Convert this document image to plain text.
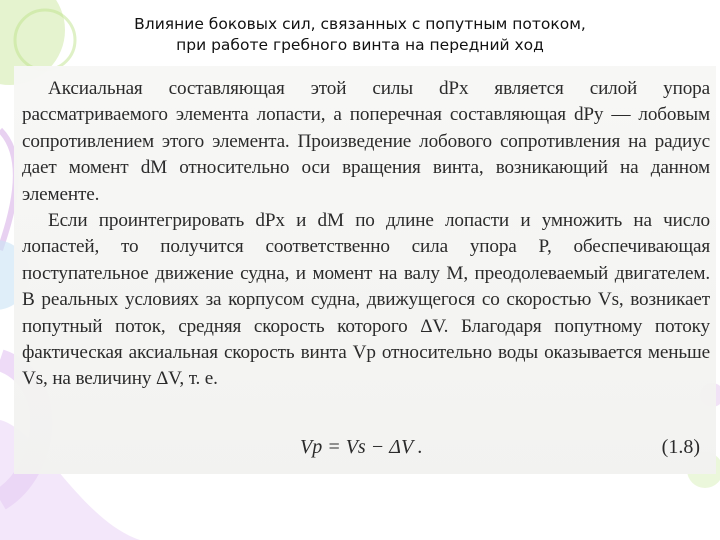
Влияние боковых сил, связанных с попутным потоком,
при работе гребного винта на передний ход

Аксиальная составляющая этой силы dPx является силой упора рассматриваемого элемента лопасти, а поперечная составляющая dPy — лобовым сопротивлением этого элемента. Произведение лобового сопротивления на радиус дает момент dM относительно оси вращения винта, возникающий на данном элементе.

Если проинтегрировать dPx и dM по длине лопасти и умножить на число лопастей, то получится соответственно сила упора P, обеспечивающая поступательное движение судна, и момент на валу M, преодолеваемый двигателем. В реальных условиях за корпусом судна, движущегося со скоростью Vs, возникает попутный поток, средняя скорость которого ΔV. Благодаря попутному потоку фактическая аксиальная скорость винта Vp относительно воды оказывается меньше Vs, на величину ΔV, т. е.

Vp = Vs − ΔV .	(1.8)
